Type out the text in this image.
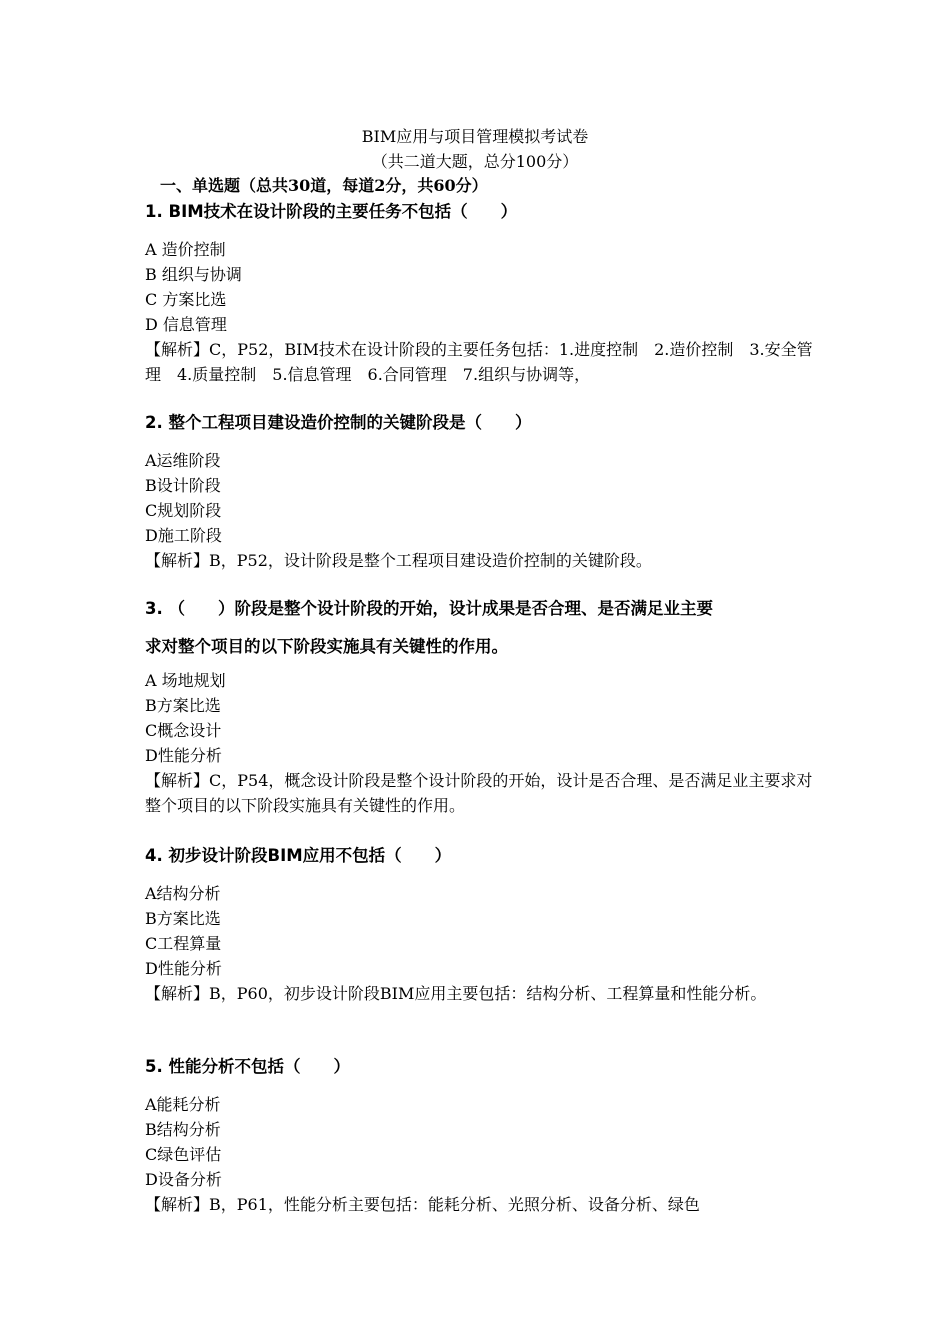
BIM应用与项目管理模拟考试卷
（共二道大题，总分100分）
一、单选题（总共30道，每道2分，共60分）

1. BIM技术在设计阶段的主要任务不包括（　　）

A 造价控制
B 组织与协调
C 方案比选
D 信息管理
【解析】C，P52，BIM技术在设计阶段的主要任务包括：1.进度控制　2.造价控制　3.安全管理　4.质量控制　5.信息管理　6.合同管理　7.组织与协调等，

2. 整个工程项目建设造价控制的关键阶段是（　　）

A运维阶段
B设计阶段
C规划阶段
D施工阶段
【解析】B，P52，设计阶段是整个工程项目建设造价控制的关键阶段。

3. （　　）阶段是整个设计阶段的开始，设计成果是否合理、是否满足业主要

求对整个项目的以下阶段实施具有关键性的作用。

A 场地规划
B方案比选
C概念设计
D性能分析
【解析】C，P54，概念设计阶段是整个设计阶段的开始，设计是否合理、是否满足业主要求对整个项目的以下阶段实施具有关键性的作用。

4. 初步设计阶段BIM应用不包括（　　）

A结构分析
B方案比选
C工程算量
D性能分析
【解析】B，P60，初步设计阶段BIM应用主要包括：结构分析、工程算量和性能分析。

5. 性能分析不包括（　　）

A能耗分析
B结构分析
C绿色评估
D设备分析
【解析】B，P61，性能分析主要包括：能耗分析、光照分析、设备分析、绿色
